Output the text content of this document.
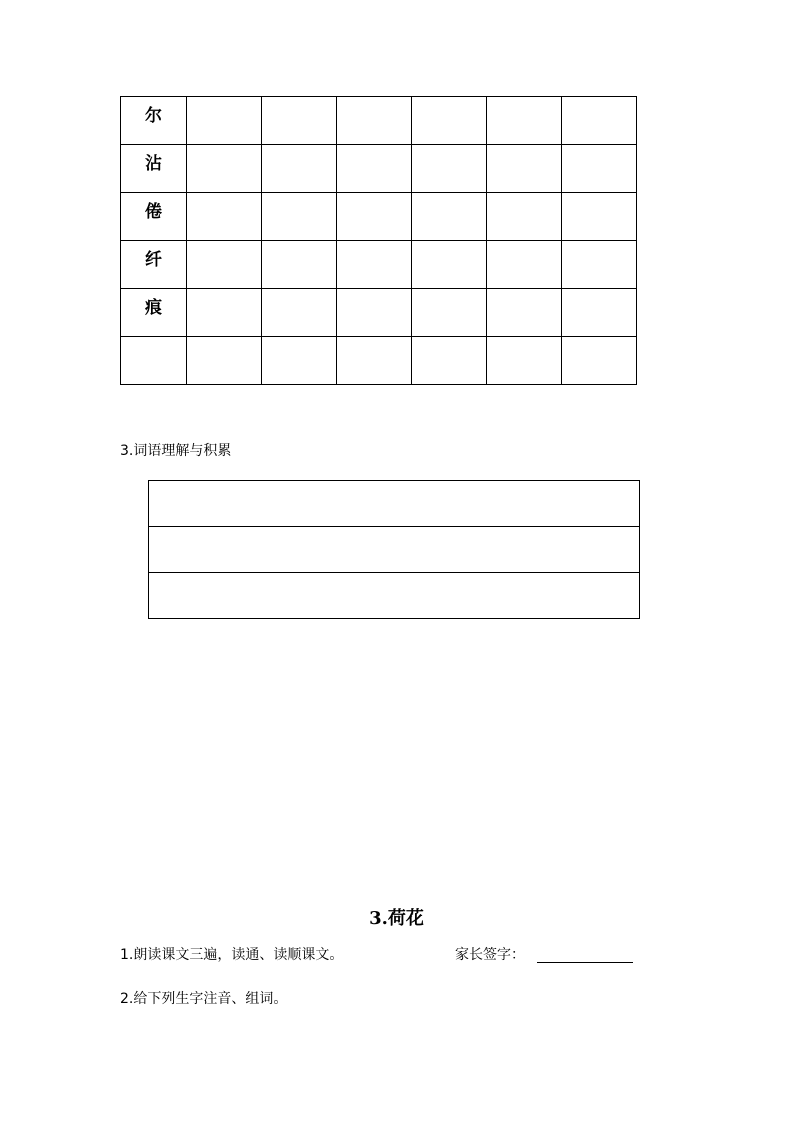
尔						
沾						
倦						
纤						
痕						

3.词语理解与积累

3.荷花
1.朗读课文三遍，读通、读顺课文。	家长签字：
2.给下列生字注音、组词。
